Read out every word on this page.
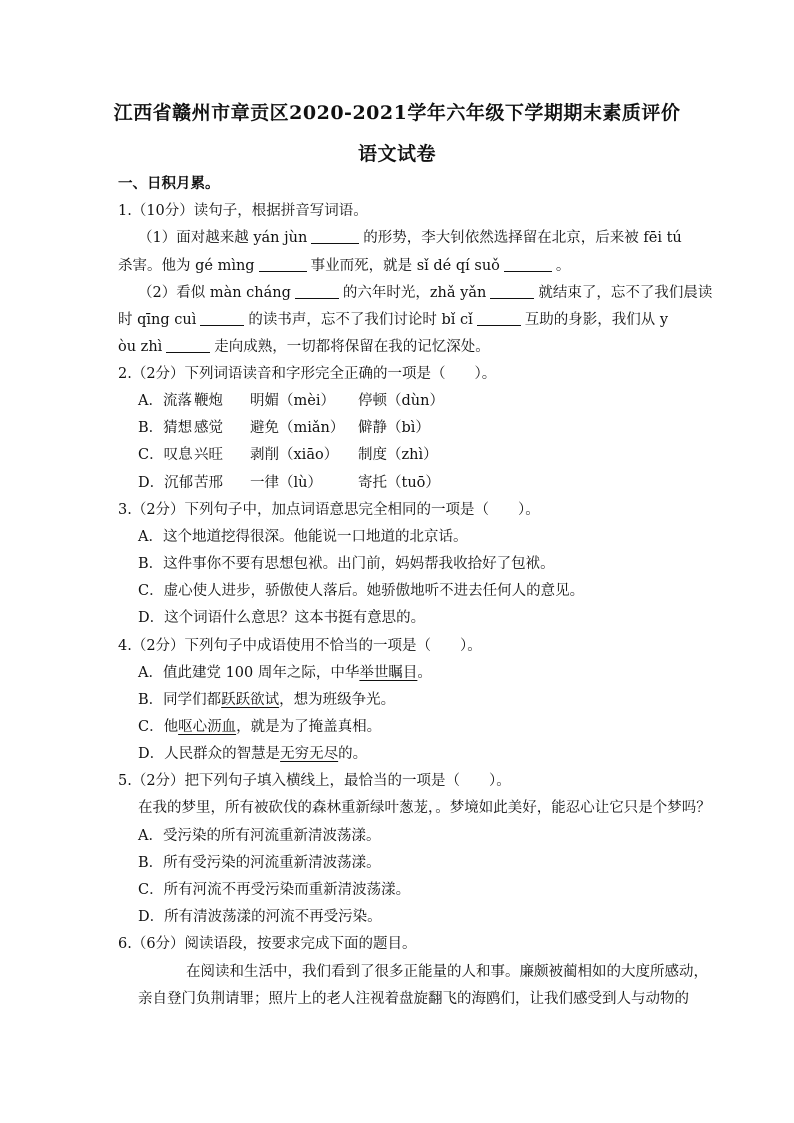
江西省赣州市章贡区2020-2021学年六年级下学期期末素质评价
语文试卷
一、日积月累。
1.（10分）读句子，根据拼音写词语。
（1）面对越来越 yán jùn	的形势，李大钊依然选择留在北京，后来被 fēi tú
杀害。他为 gé mìng	事业而死，就是 sǐ dé qí suǒ	。
（2）看似 màn cháng	的六年时光，zhǎ yǎn	就结束了，忘不了我们晨读
时 qīng cuì	的读书声，忘不了我们讨论时 bǐ cǐ	互助的身影，我们从 y
òu zhì	走向成熟，一切都将保留在我的记忆深处。
2.（2分）下列词语读音和字形完全正确的一项是（　　）。
A．流落 鞭炮 明媚（mèi） 停顿（dùn）
B．猜想 感觉 避免（miǎn） 僻静（bì）
C．叹息兴旺 剥削（xiāo） 制度（zhì）
D．沉郁苦邢 一律（lù） 寄托（tuō）
3.（2分）下列句子中，加点词语意思完全相同的一项是（　　）。
A．这个地道挖得很深。他能说一口地道的北京话。
B．这件事你不要有思想包袱。出门前，妈妈帮我收拾好了包袱。
C．虚心使人进步，骄傲使人落后。她骄傲地听不进去任何人的意见。
D．这个词语什么意思？这本书挺有意思的。
4.（2分）下列句子中成语使用不恰当的一项是（　　）。
A．值此建党 100 周年之际，中华举世瞩目。
B．同学们都跃跃欲试，想为班级争光。
C．他呕心沥血，就是为了掩盖真相。
D．人民群众的智慧是无穷无尽的。
5.（2分）把下列句子填入横线上，最恰当的一项是（　　）。
在我的梦里，所有被砍伐的森林重新绿叶葱茏，。梦境如此美好，能忍心让它只是个梦吗？
A．受污染的所有河流重新清波荡漾。
B．所有受污染的河流重新清波荡漾。
C．所有河流不再受污染而重新清波荡漾。
D．所有清波荡漾的河流不再受污染。
6.（6分）阅读语段，按要求完成下面的题目。
在阅读和生活中，我们看到了很多正能量的人和事。廉颇被蔺相如的大度所感动，
亲自登门负荆请罪；照片上的老人注视着盘旋翻飞的海鸥们，让我们感受到人与动物的
